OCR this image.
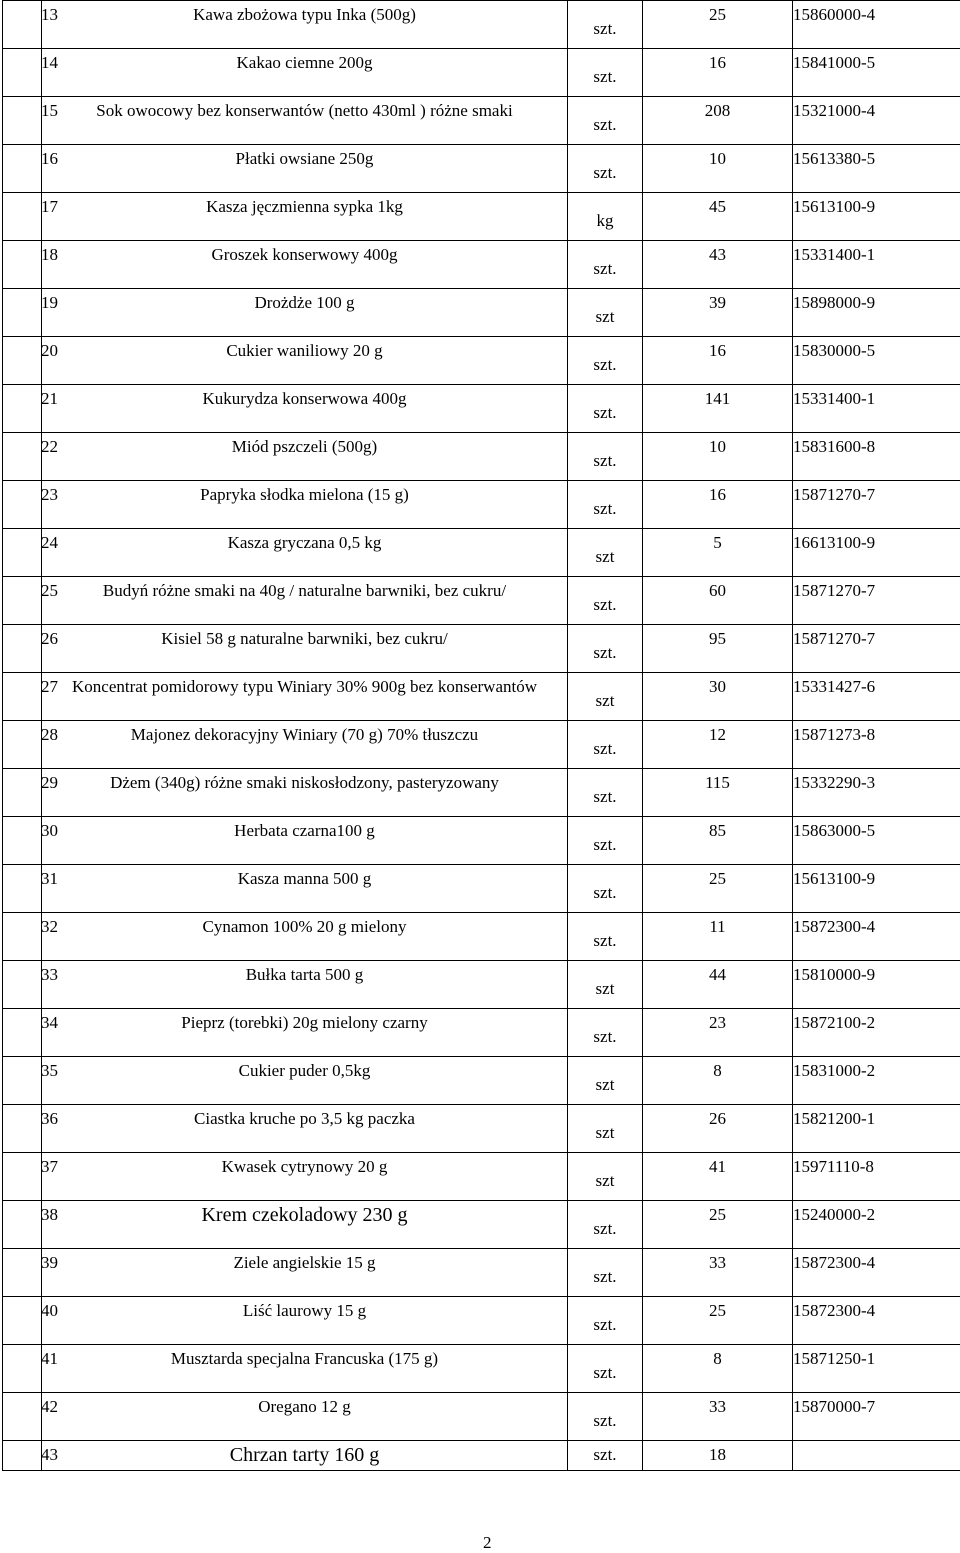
13	Kawa zbożowa typu Inka (500g)	szt.	25	15860000-4
14	Kakao ciemne 200g	szt.	16	15841000-5
15	Sok owocowy bez konserwantów (netto 430ml ) różne smaki	szt.	208	15321000-4
16	Płatki owsiane 250g	szt.	10	15613380-5
17	Kasza jęczmienna sypka 1kg	kg	45	15613100-9
18	Groszek konserwowy 400g	szt.	43	15331400-1
19	Drożdże 100 g	szt	39	15898000-9
20	Cukier waniliowy 20 g	szt.	16	15830000-5
21	Kukurydza konserwowa 400g	szt.	141	15331400-1
22	Miód pszczeli (500g)	szt.	10	15831600-8
23	Papryka słodka mielona (15 g)	szt.	16	15871270-7
24	Kasza gryczana 0,5 kg	szt	5	16613100-9
25	Budyń różne smaki na 40g / naturalne barwniki, bez cukru/	szt.	60	15871270-7
26	Kisiel 58 g naturalne barwniki, bez cukru/	szt.	95	15871270-7
27	Koncentrat pomidorowy typu Winiary 30% 900g bez konserwantów	szt	30	15331427-6
28	Majonez dekoracyjny Winiary (70 g) 70% tłuszczu	szt.	12	15871273-8
29	Dżem (340g) różne smaki niskosłodzony, pasteryzowany	szt.	115	15332290-3
30	Herbata czarna100 g	szt.	85	15863000-5
31	Kasza manna 500 g	szt.	25	15613100-9
32	Cynamon 100% 20 g mielony	szt.	11	15872300-4
33	Bułka tarta 500 g	szt	44	15810000-9
34	Pieprz (torebki) 20g mielony czarny	szt.	23	15872100-2
35	Cukier puder 0,5kg	szt	8	15831000-2
36	Ciastka kruche po 3,5 kg paczka	szt	26	15821200-1
37	Kwasek cytrynowy 20 g	szt	41	15971110-8
38	Krem czekoladowy 230 g	szt.	25	15240000-2
39	Ziele angielskie 15 g	szt.	33	15872300-4
40	Liść laurowy 15 g	szt.	25	15872300-4
41	Musztarda specjalna Francuska (175 g)	szt.	8	15871250-1
42	Oregano 12 g	szt.	33	15870000-7
43	Chrzan tarty 160 g	szt.	18	
2
